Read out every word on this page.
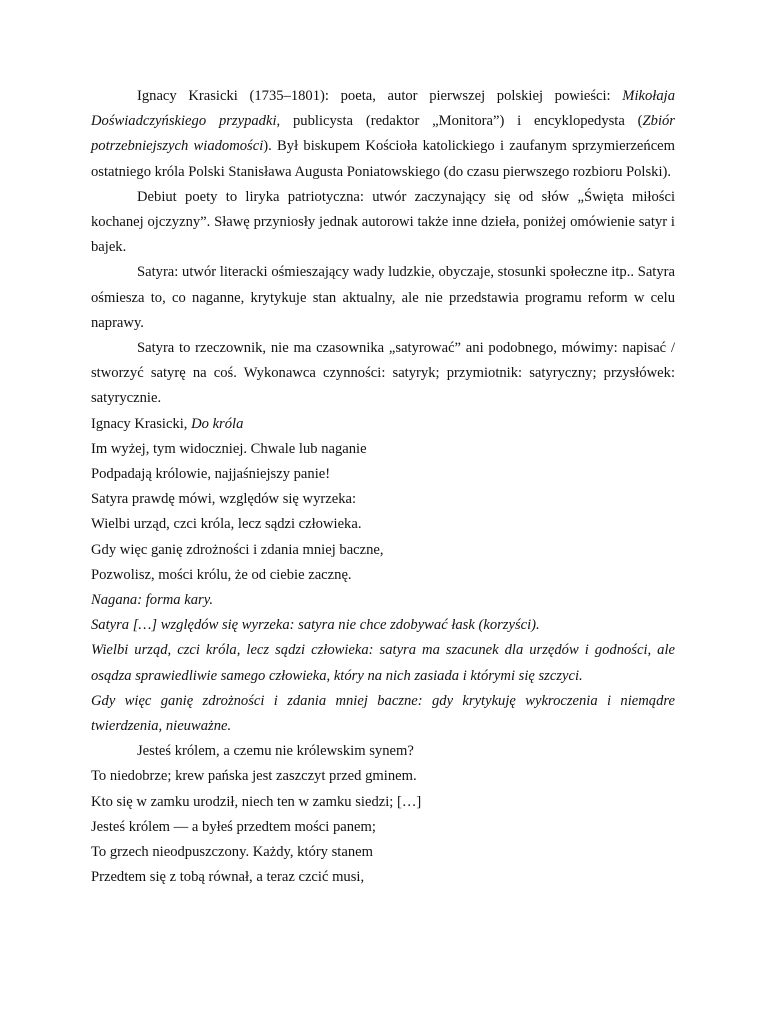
Ignacy Krasicki (1735–1801): poeta, autor pierwszej polskiej powieści: Mikołaja Doświadczyńskiego przypadki, publicysta (redaktor „Monitora”) i encyklopedysta (Zbiór potrzebniejszych wiadomości). Był biskupem Kościoła katolickiego i zaufanym sprzymierzeńcem ostatniego króla Polski Stanisława Augusta Poniatowskiego (do czasu pierwszego rozbioru Polski).

Debiut poety to liryka patriotyczna: utwór zaczynający się od słów „Święta miłości kochanej ojczyzny”. Sławę przyniosły jednak autorowi także inne dzieła, poniżej omówienie satyr i bajek.

Satyra: utwór literacki ośmieszający wady ludzkie, obyczaje, stosunki społeczne itp.. Satyra ośmiesza to, co naganne, krytykuje stan aktualny, ale nie przedstawia programu reform w celu naprawy.

Satyra to rzeczownik, nie ma czasownika „satyrować” ani podobnego, mówimy: napisać / stworzyć satyrę na coś. Wykonawca czynności: satyryk; przymiotnik: satyryczny; przysłówek: satyrycznie.

Ignacy Krasicki, Do króla

Im wyżej, tym widoczniej. Chwale lub naganie

Podpadają królowie, najjaśniejszy panie!

Satyra prawdę mówi, względów się wyrzeka:

Wielbi urząd, czci króla, lecz sądzi człowieka.

Gdy więc ganię zdrożności i zdania mniej baczne,

Pozwolisz, mości królu, że od ciebie zacznę.

Nagana: forma kary.

Satyra […] względów się wyrzeka: satyra nie chce zdobywać łask (korzyści).

Wielbi urząd, czci króla, lecz sądzi człowieka: satyra ma szacunek dla urzędów i godności, ale osądza sprawiedliwie samego człowieka, który na nich zasiada i którymi się szczyci.

Gdy więc ganię zdrożności i zdania mniej baczne: gdy krytykuję wykroczenia i niemądre twierdzenia, nieuważne.

Jesteś królem, a czemu nie królewskim synem?

To niedobrze; krew pańska jest zaszczyt przed gminem.

Kto się w zamku urodził, niech ten w zamku siedzi; […]

Jesteś królem — a byłeś przedtem mości panem;

To grzech nieodpuszczony. Każdy, który stanem

Przedtem się z tobą równał, a teraz czcić musi,
